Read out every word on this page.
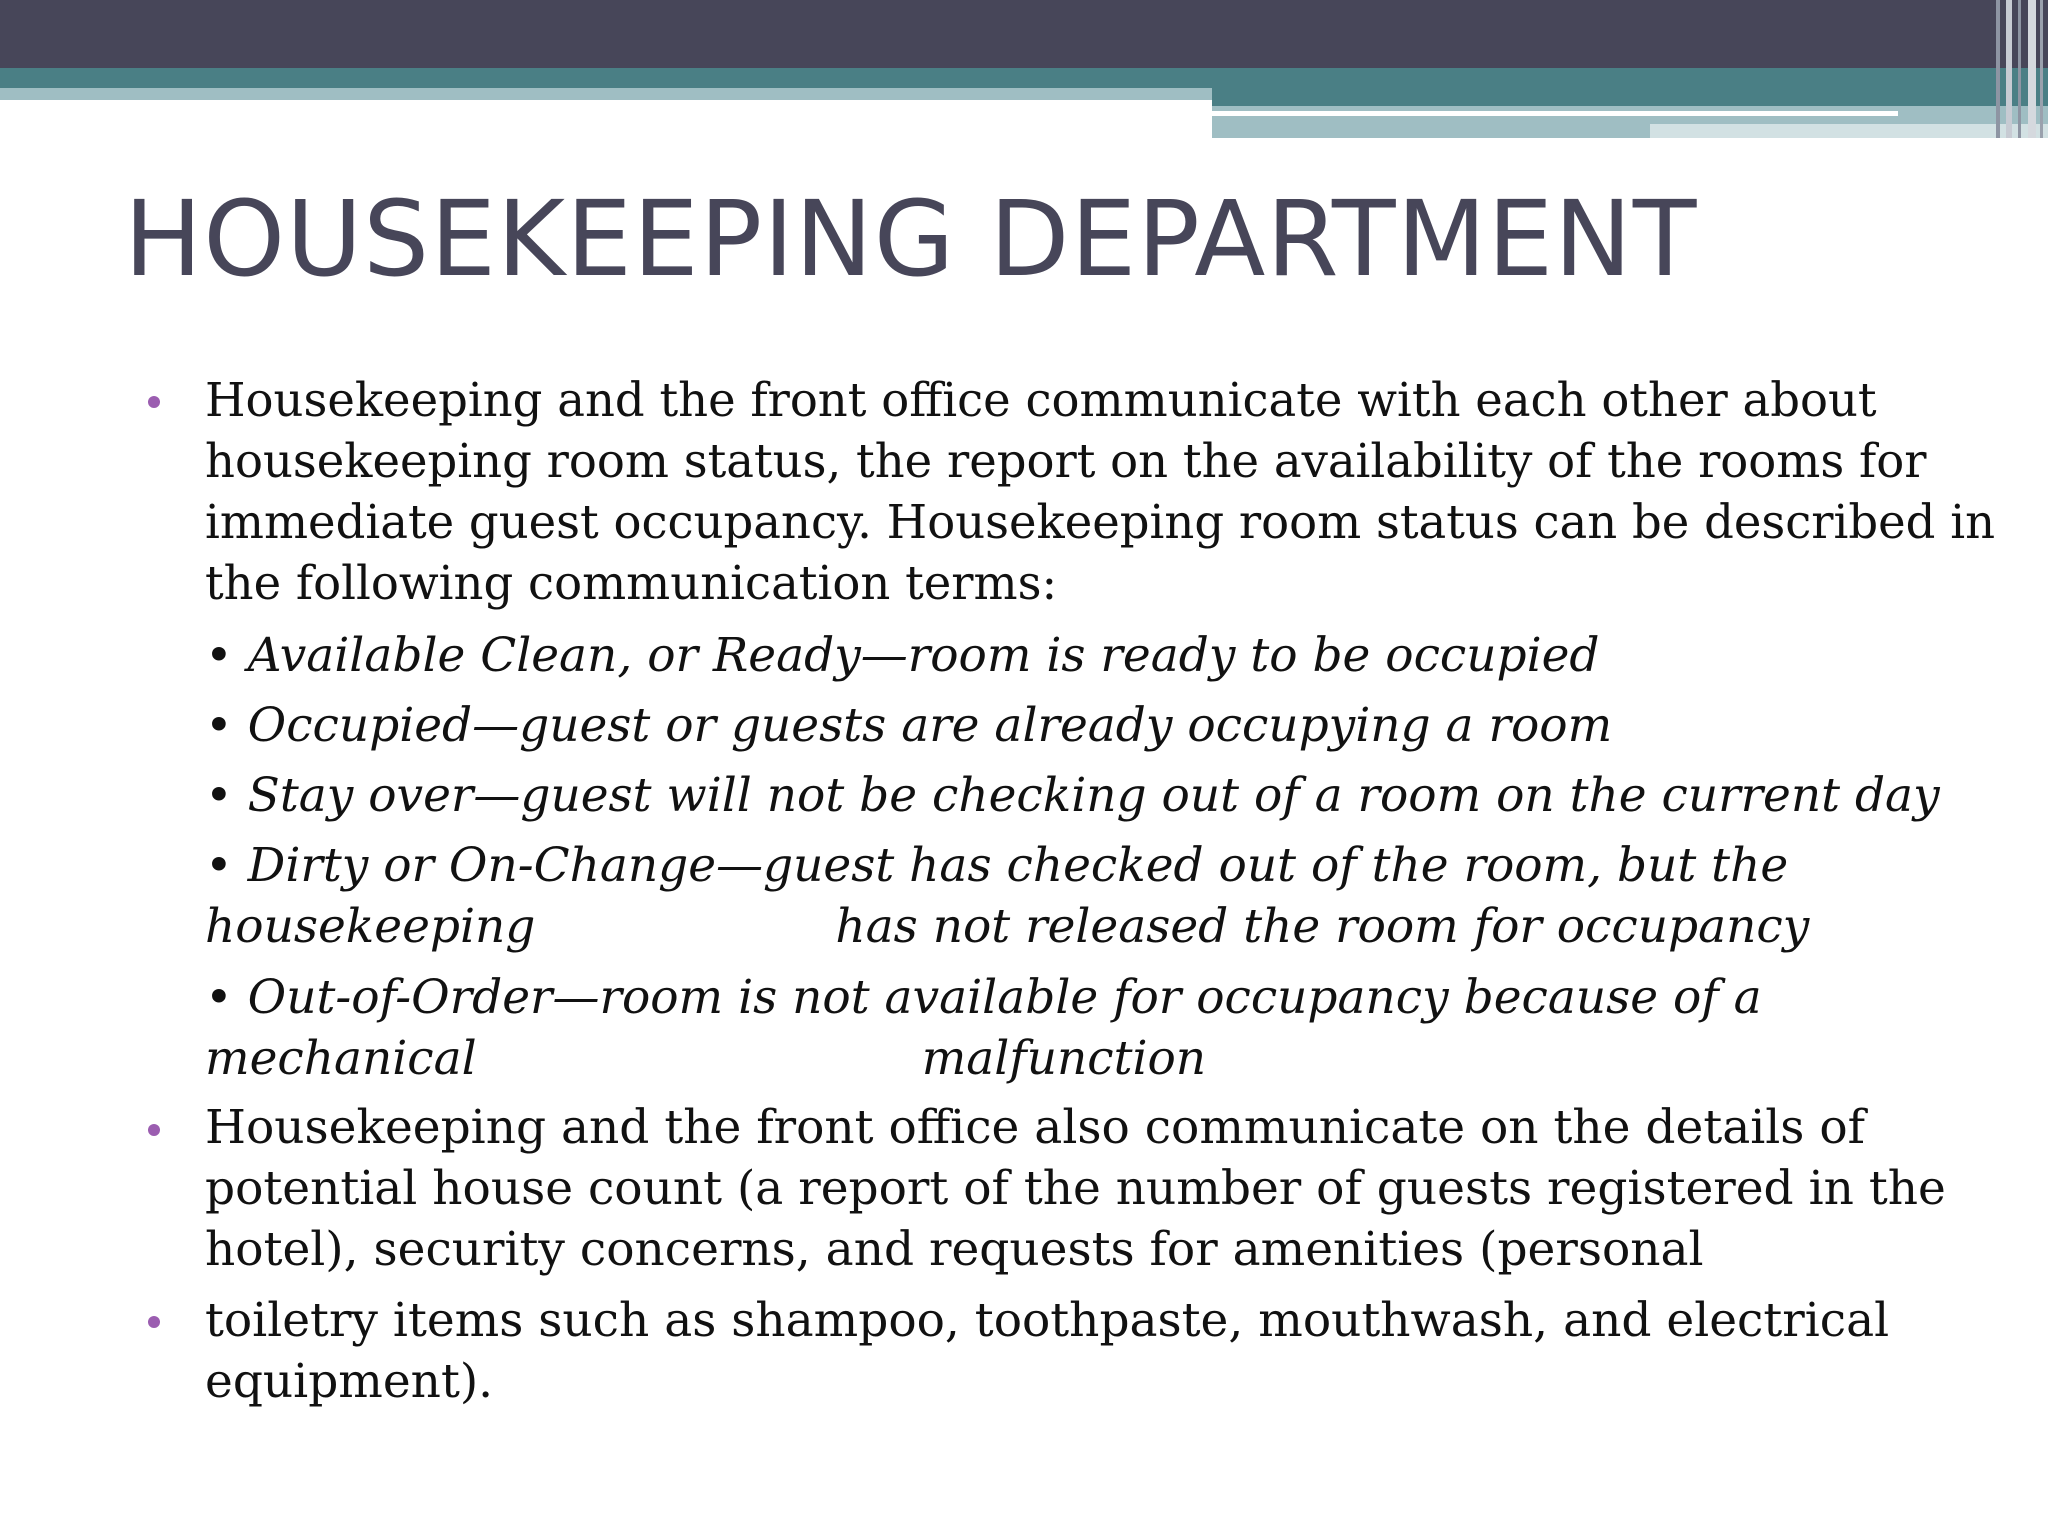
HOUSEKEEPING DEPARTMENT
Housekeeping and the front office communicate with each other about
housekeeping room status, the report on the availability of the rooms for
immediate guest occupancy. Housekeeping room status can be described in
the following communication terms:
• Available Clean, or Ready—room is ready to be occupied
• Occupied—guest or guests are already occupying a room
• Stay over—guest will not be checking out of a room on the current day
• Dirty or On-Change—guest has checked out of the room, but the
housekeeping	has not released the room for occupancy
• Out-of-Order—room is not available for occupancy because of a
mechanical	malfunction
Housekeeping and the front office also communicate on the details of
potential house count (a report of the number of guests registered in the
hotel), security concerns, and requests for amenities (personal
toiletry items such as shampoo, toothpaste, mouthwash, and electrical
equipment).
